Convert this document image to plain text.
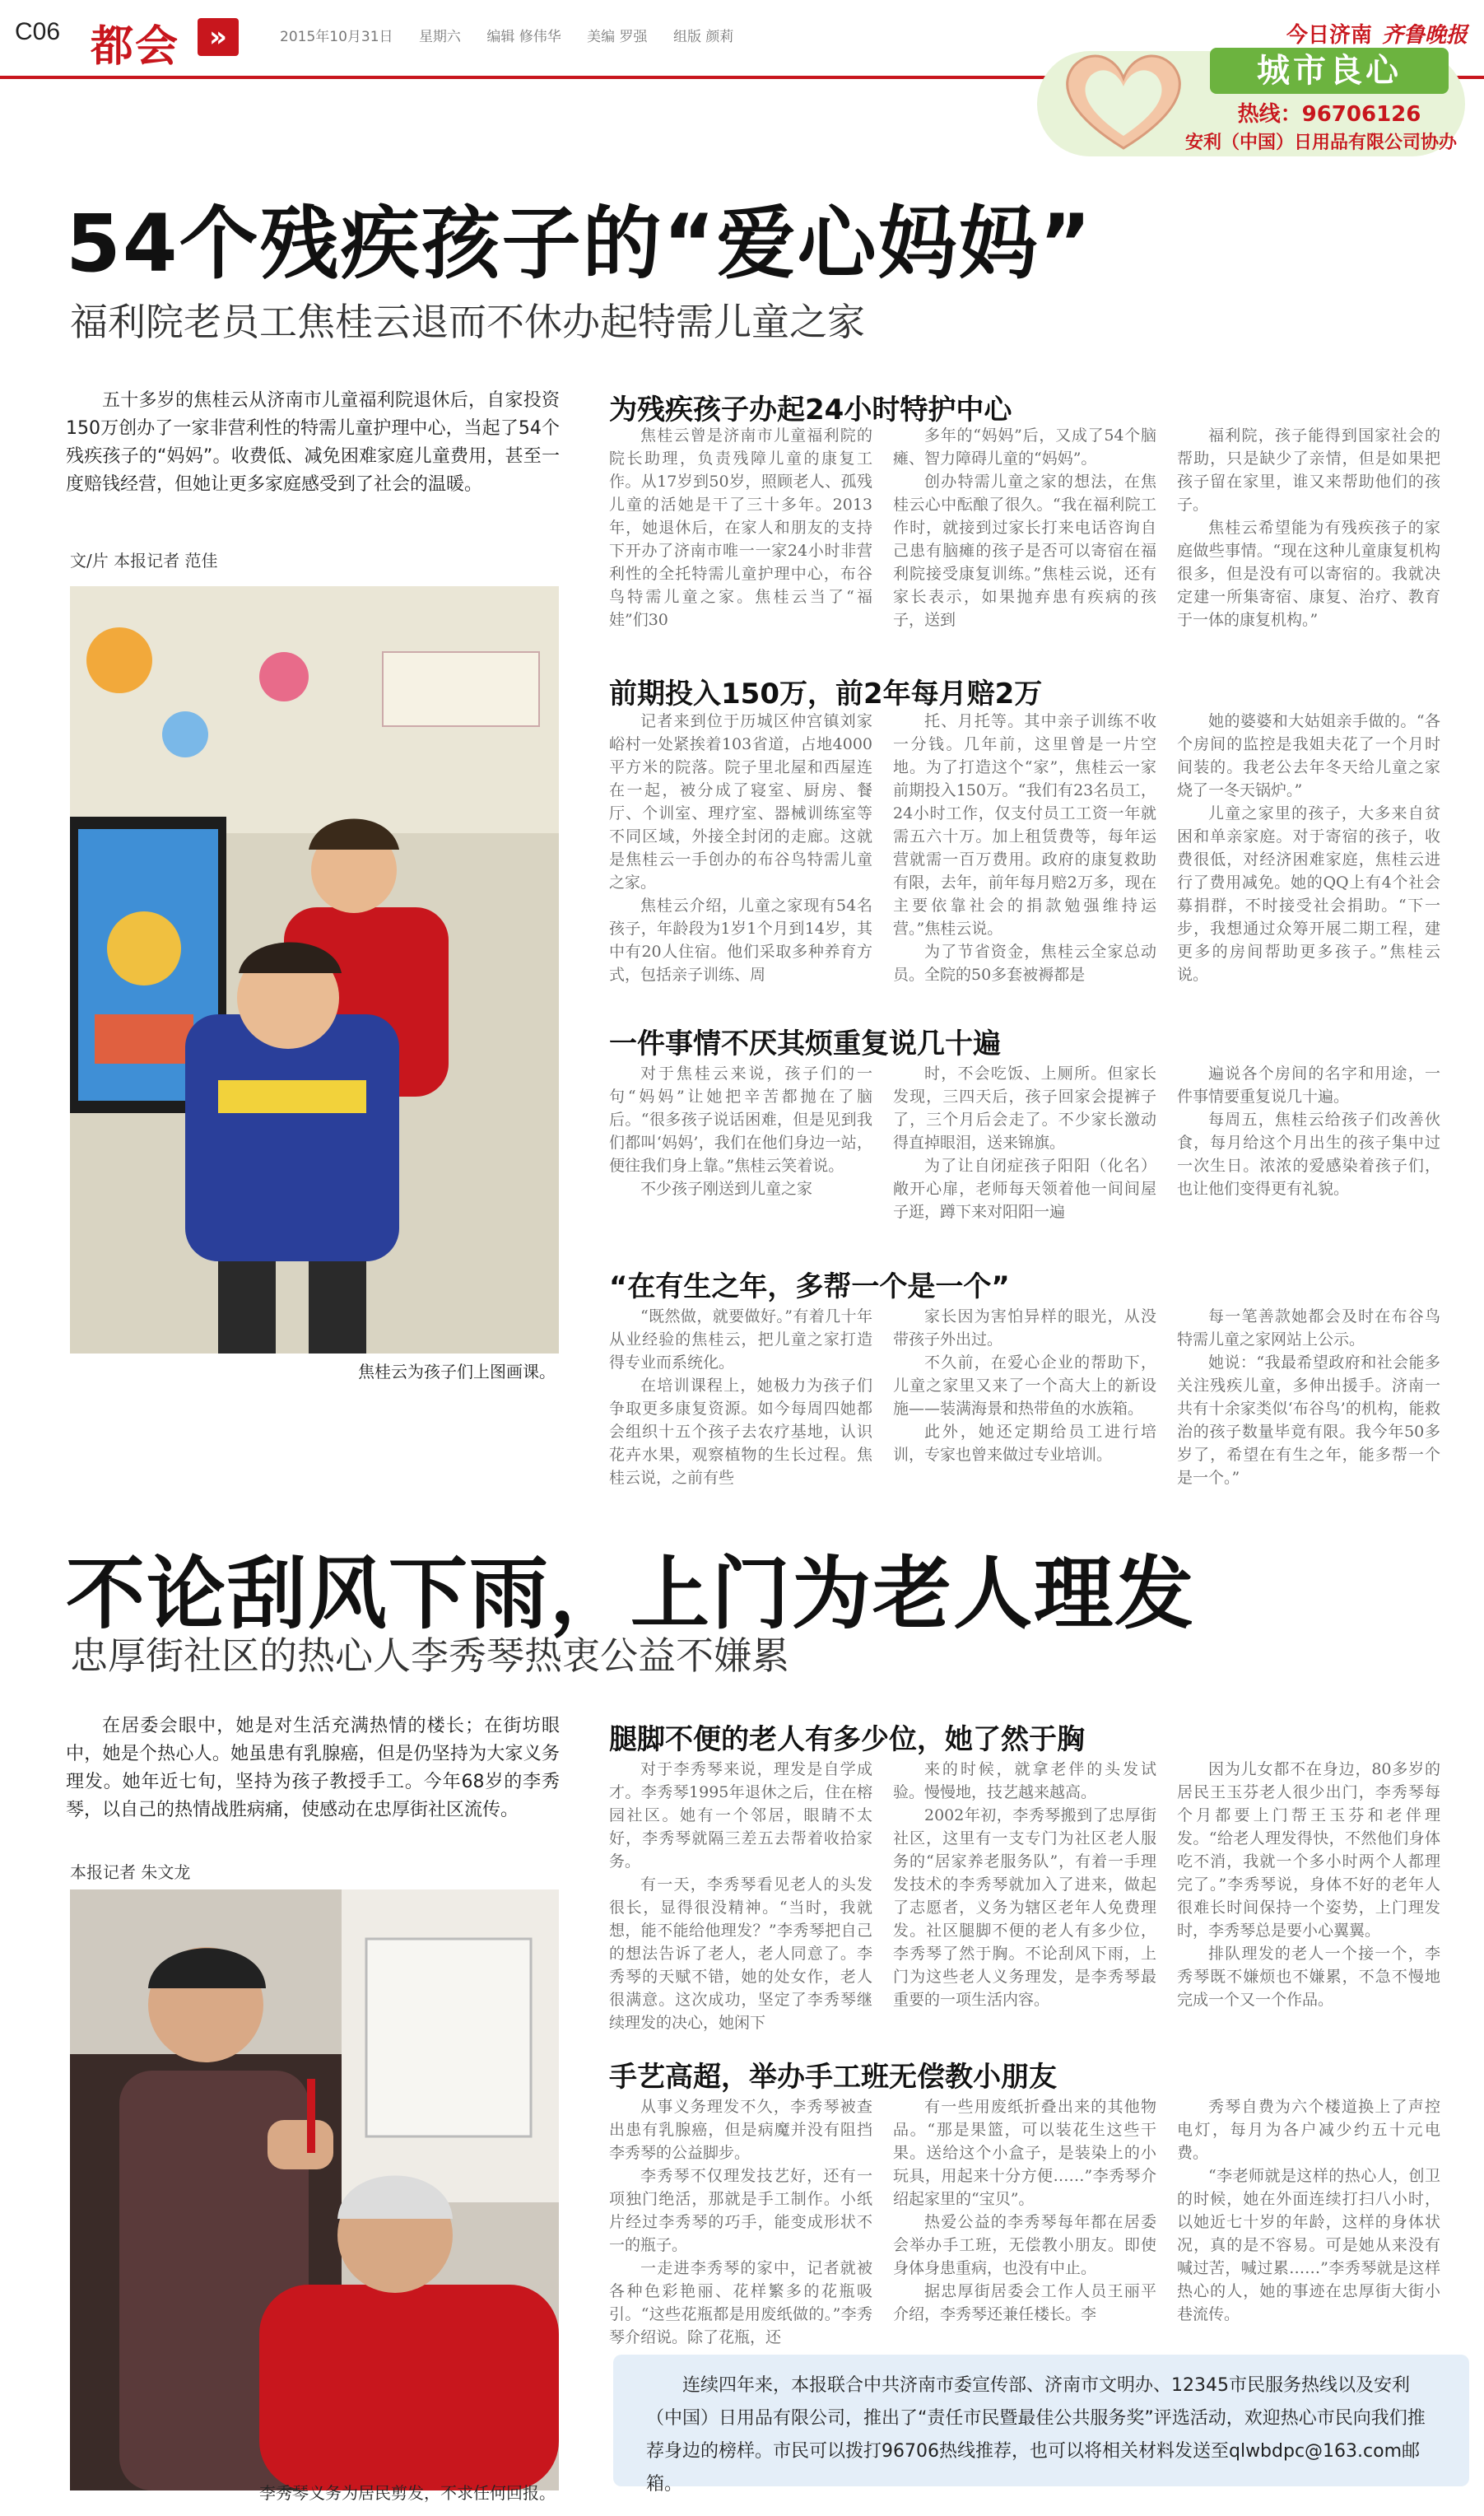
C06 都会	»	2015年10月31日 星期六 编辑 修伟华 美编 罗强 组版 颜莉	今日济南 齐鲁晚报
城市良心
热线：96706126
安利（中国）日用品有限公司协办
54个残疾孩子的“爱心妈妈”
福利院老员工焦桂云退而不休办起特需儿童之家
五十多岁的焦桂云从济南市儿童福利院退休后，自家投资150万创办了一家非营利性的特需儿童护理中心，当起了54个残疾孩子的“妈妈”。收费低、减免困难家庭儿童费用，甚至一度赔钱经营，但她让更多家庭感受到了社会的温暖。
文/片 本报记者 范佳
焦桂云为孩子们上图画课。
为残疾孩子办起24小时特护中心

焦桂云曾是济南市儿童福利院的院长助理，负责残障儿童的康复工作。从17岁到50岁，照顾老人、孤残儿童的活她是干了三十多年。2013年，她退休后，在家人和朋友的支持下开办了济南市唯一一家24小时非营利性的全托特需儿童护理中心，布谷鸟特需儿童之家。焦桂云当了“福娃”们30

多年的“妈妈”后，又成了54个脑瘫、智力障碍儿童的“妈妈”。

创办特需儿童之家的想法，在焦桂云心中酝酿了很久。“我在福利院工作时，就接到过家长打来电话咨询自己患有脑瘫的孩子是否可以寄宿在福利院接受康复训练。”焦桂云说，还有家长表示，如果抛弃患有疾病的孩子，送到

福利院，孩子能得到国家社会的帮助，只是缺少了亲情，但是如果把孩子留在家里，谁又来帮助他们的孩子。

焦桂云希望能为有残疾孩子的家庭做些事情。“现在这种儿童康复机构很多，但是没有可以寄宿的。我就决定建一所集寄宿、康复、治疗、教育于一体的康复机构。”

前期投入150万，前2年每月赔2万

记者来到位于历城区仲宫镇刘家峪村一处紧挨着103省道，占地4000平方米的院落。院子里北屋和西屋连在一起，被分成了寝室、厨房、餐厅、个训室、理疗室、器械训练室等不同区域，外接全封闭的走廊。这就是焦桂云一手创办的布谷鸟特需儿童之家。

焦桂云介绍，儿童之家现有54名孩子，年龄段为1岁1个月到14岁，其中有20人住宿。他们采取多种养育方式，包括亲子训练、周

托、月托等。其中亲子训练不收一分钱。几年前，这里曾是一片空地。为了打造这个“家”，焦桂云一家前期投入150万。“我们有23名员工，24小时工作，仅支付员工工资一年就需五六十万。加上租赁费等，每年运营就需一百万费用。政府的康复救助有限，去年，前年每月赔2万多，现在主要依靠社会的捐款勉强维持运营。”焦桂云说。

为了节省资金，焦桂云全家总动员。全院的50多套被褥都是

她的婆婆和大姑姐亲手做的。“各个房间的监控是我姐夫花了一个月时间装的。我老公去年冬天给儿童之家烧了一冬天锅炉。”

儿童之家里的孩子，大多来自贫困和单亲家庭。对于寄宿的孩子，收费很低，对经济困难家庭，焦桂云进行了费用减免。她的QQ上有4个社会募捐群，不时接受社会捐助。“下一步，我想通过众筹开展二期工程，建更多的房间帮助更多孩子。”焦桂云说。

一件事情不厌其烦重复说几十遍

对于焦桂云来说，孩子们的一句“妈妈”让她把辛苦都抛在了脑后。“很多孩子说话困难，但是见到我们都叫‘妈妈’，我们在他们身边一站，便往我们身上靠。”焦桂云笑着说。

不少孩子刚送到儿童之家

时，不会吃饭、上厕所。但家长发现，三四天后，孩子回家会提裤子了，三个月后会走了。不少家长激动得直掉眼泪，送来锦旗。

为了让自闭症孩子阳阳（化名）敞开心扉，老师每天领着他一间间屋子逛，蹲下来对阳阳一遍

遍说各个房间的名字和用途，一件事情要重复说几十遍。

每周五，焦桂云给孩子们改善伙食，每月给这个月出生的孩子集中过一次生日。浓浓的爱感染着孩子们，也让他们变得更有礼貌。

“在有生之年，多帮一个是一个”

“既然做，就要做好。”有着几十年从业经验的焦桂云，把儿童之家打造得专业而系统化。

在培训课程上，她极力为孩子们争取更多康复资源。如今每周四她都会组织十五个孩子去农疗基地，认识花卉水果，观察植物的生长过程。焦桂云说，之前有些

家长因为害怕异样的眼光，从没带孩子外出过。

不久前，在爱心企业的帮助下，儿童之家里又来了一个高大上的新设施——装满海景和热带鱼的水族箱。

此外，她还定期给员工进行培训，专家也曾来做过专业培训。

每一笔善款她都会及时在布谷鸟特需儿童之家网站上公示。

她说：“我最希望政府和社会能多关注残疾儿童，多伸出援手。济南一共有十余家类似‘布谷鸟’的机构，能救治的孩子数量毕竟有限。我今年50多岁了，希望在有生之年，能多帮一个是一个。”

不论刮风下雨，上门为老人理发
忠厚街社区的热心人李秀琴热衷公益不嫌累
在居委会眼中，她是对生活充满热情的楼长；在街坊眼中，她是个热心人。她虽患有乳腺癌，但是仍坚持为大家义务理发。她年近七旬，坚持为孩子教授手工。今年68岁的李秀琴，以自己的热情战胜病痛，使感动在忠厚街社区流传。
本报记者 朱文龙
李秀琴义务为居民剪发，不求任何回报。
腿脚不便的老人有多少位，她了然于胸

对于李秀琴来说，理发是自学成才。李秀琴1995年退休之后，住在榕园社区。她有一个邻居，眼睛不太好，李秀琴就隔三差五去帮着收拾家务。

有一天，李秀琴看见老人的头发很长，显得很没精神。“当时，我就想，能不能给他理发？”李秀琴把自己的想法告诉了老人，老人同意了。李秀琴的天赋不错，她的处女作，老人很满意。这次成功，坚定了李秀琴继续理发的决心，她闲下

来的时候，就拿老伴的头发试验。慢慢地，技艺越来越高。

2002年初，李秀琴搬到了忠厚街社区，这里有一支专门为社区老人服务的“居家养老服务队”，有着一手理发技术的李秀琴就加入了进来，做起了志愿者，义务为辖区老年人免费理发。社区腿脚不便的老人有多少位，李秀琴了然于胸。不论刮风下雨，上门为这些老人义务理发，是李秀琴最重要的一项生活内容。

因为儿女都不在身边，80多岁的居民王玉芬老人很少出门，李秀琴每个月都要上门帮王玉芬和老伴理发。“给老人理发得快，不然他们身体吃不消，我就一个多小时两个人都理完了。”李秀琴说，身体不好的老年人很难长时间保持一个姿势，上门理发时，李秀琴总是要小心翼翼。

排队理发的老人一个接一个，李秀琴既不嫌烦也不嫌累，不急不慢地完成一个又一个作品。

手艺高超，举办手工班无偿教小朋友

从事义务理发不久，李秀琴被查出患有乳腺癌，但是病魔并没有阻挡李秀琴的公益脚步。

李秀琴不仅理发技艺好，还有一项独门绝活，那就是手工制作。小纸片经过李秀琴的巧手，能变成形状不一的瓶子。

一走进李秀琴的家中，记者就被各种色彩艳丽、花样繁多的花瓶吸引。“这些花瓶都是用废纸做的。”李秀琴介绍说。除了花瓶，还

有一些用废纸折叠出来的其他物品。“那是果篮，可以装花生这些干果。送给这个小盒子，是装染上的小玩具，用起来十分方便……”李秀琴介绍起家里的“宝贝”。

热爱公益的李秀琴每年都在居委会举办手工班，无偿教小朋友。即使身体身患重病，也没有中止。

据忠厚街居委会工作人员王丽平介绍，李秀琴还兼任楼长。李

秀琴自费为六个楼道换上了声控电灯，每月为各户减少约五十元电费。

“李老师就是这样的热心人，创卫的时候，她在外面连续打扫八小时，以她近七十岁的年龄，这样的身体状况，真的是不容易。可是她从来没有喊过苦，喊过累……”李秀琴就是这样热心的人，她的事迹在忠厚街大街小巷流传。

连续四年来，本报联合中共济南市委宣传部、济南市文明办、12345市民服务热线以及安利（中国）日用品有限公司，推出了“责任市民暨最佳公共服务奖”评选活动，欢迎热心市民向我们推荐身边的榜样。市民可以拨打96706热线推荐，也可以将相关材料发送至qlwbdpc@163.com邮箱。
